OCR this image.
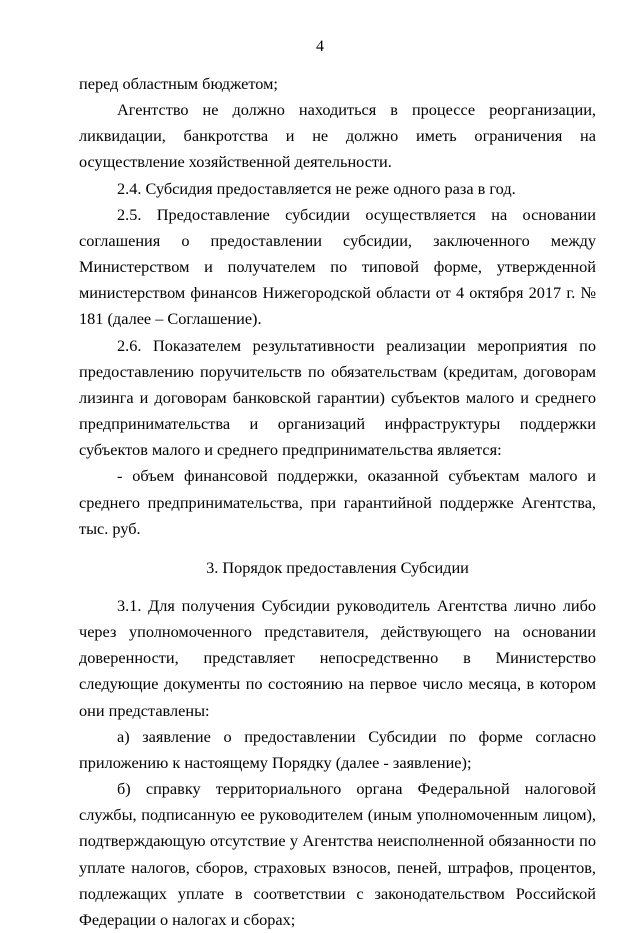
4

перед областным бюджетом;

Агентство не должно находиться в процессе реорганизации, ликвидации, банкротства и не должно иметь ограничения на осуществление хозяйственной деятельности.

2.4. Субсидия предоставляется не реже одного раза в год.

2.5. Предоставление субсидии осуществляется на основании соглашения о предоставлении субсидии, заключенного между Министерством и получателем по типовой форме, утвержденной министерством финансов Нижегородской области от 4 октября 2017 г. № 181 (далее – Соглашение).

2.6. Показателем результативности реализации мероприятия по предоставлению поручительств по обязательствам (кредитам, договорам лизинга и договорам банковской гарантии) субъектов малого и среднего предпринимательства и организаций инфраструктуры поддержки субъектов малого и среднего предпринимательства является:

- объем финансовой поддержки, оказанной субъектам малого и среднего предпринимательства, при гарантийной поддержке Агентства, тыс. руб.

3. Порядок предоставления Субсидии

3.1. Для получения Субсидии руководитель Агентства лично либо через уполномоченного представителя, действующего на основании доверенности, представляет непосредственно в Министерство следующие документы по состоянию на первое число месяца, в котором они представлены:

а) заявление о предоставлении Субсидии по форме согласно приложению к настоящему Порядку (далее - заявление);

б) справку территориального органа Федеральной налоговой службы, подписанную ее руководителем (иным уполномоченным лицом), подтверждающую отсутствие у Агентства неисполненной обязанности по уплате налогов, сборов, страховых взносов, пеней, штрафов, процентов, подлежащих уплате в соответствии с законодательством Российской Федерации о налогах и сборах;
